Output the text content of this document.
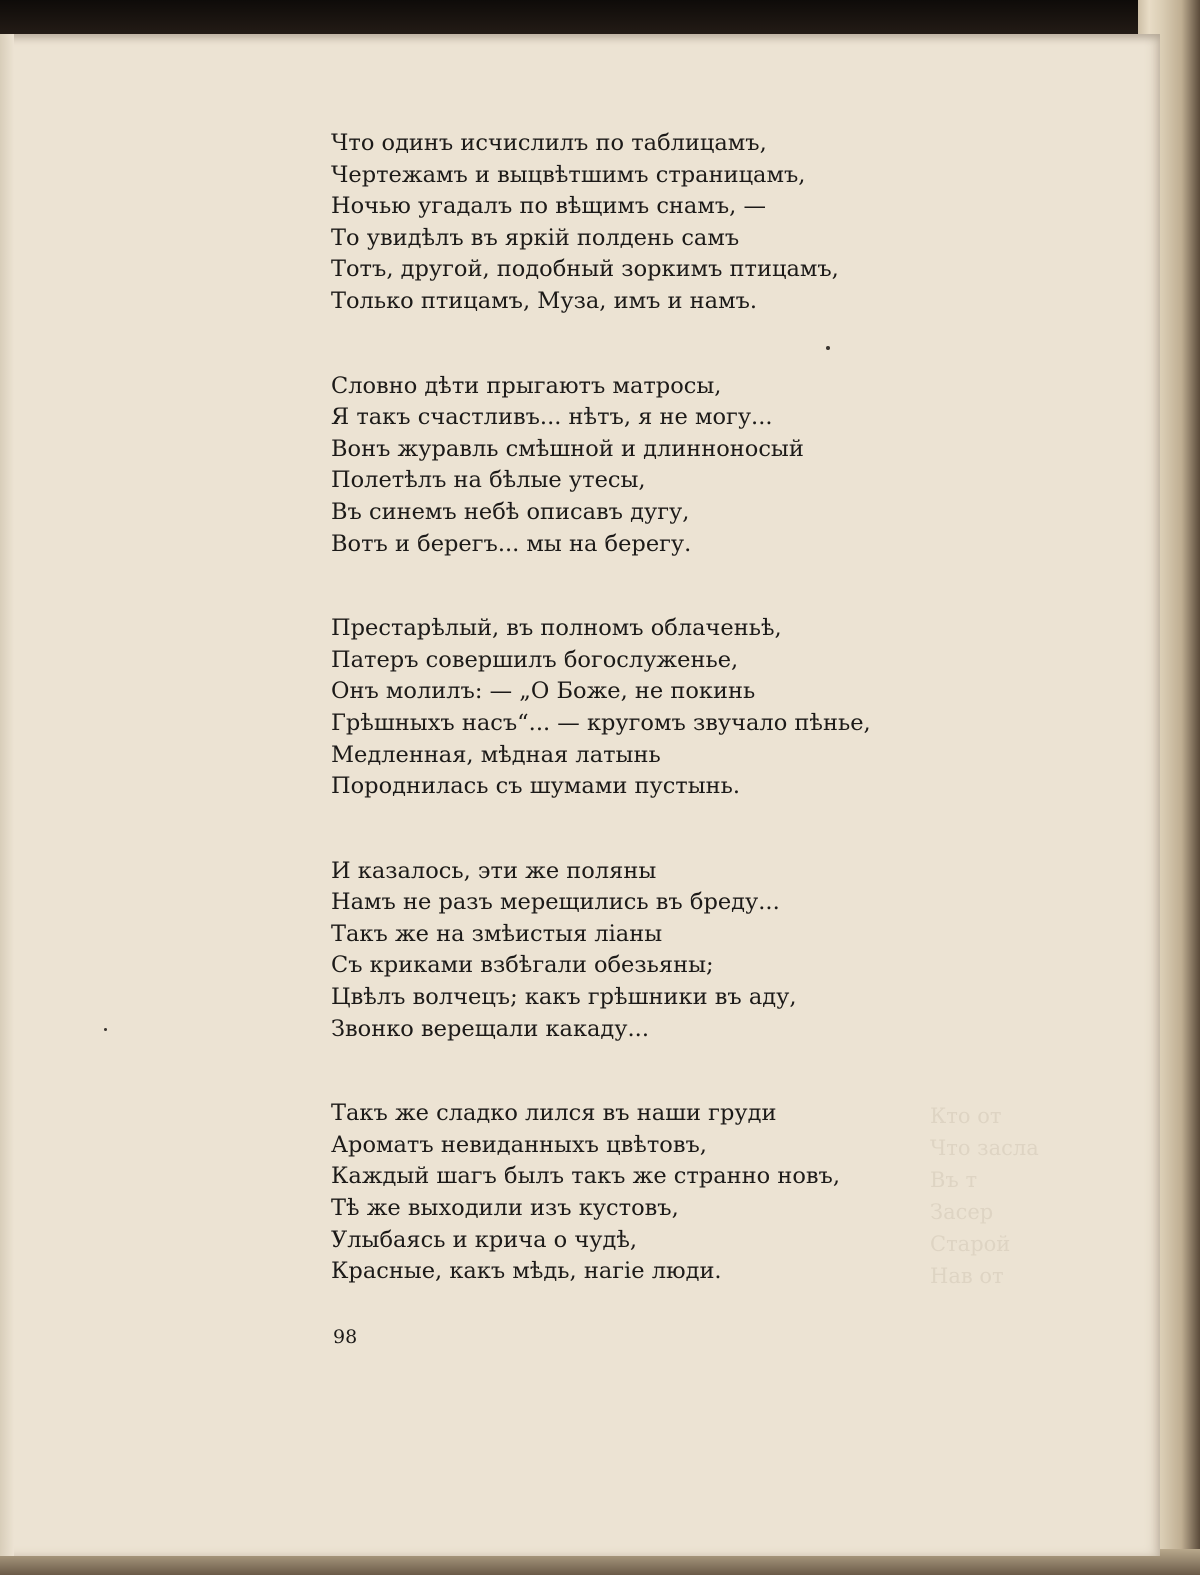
Кто от
Что засла
Въ т
Засер
Старой
Нав от
Что одинъ исчислилъ по таблицамъ,
Чертежамъ и выцвѣтшимъ страницамъ,
Ночью угадалъ по вѣщимъ снамъ, —
То увидѣлъ въ яркій полдень самъ
Тотъ, другой, подобный зоркимъ птицамъ,
Только птицамъ, Муза, имъ и намъ.
Словно дѣти прыгаютъ матросы,
Я такъ счастливъ... нѣтъ, я не могу...
Вонъ журавль смѣшной и длинноносый
Полетѣлъ на бѣлые утесы,
Въ синемъ небѣ описавъ дугу,
Вотъ и берегъ... мы на берегу.
Престарѣлый, въ полномъ облаченьѣ,
Патеръ совершилъ богослуженье,
Онъ молилъ: — „О Боже, не покинь
Грѣшныхъ насъ“... — кругомъ звучало пѣнье,
Медленная, мѣдная латынь
Породнилась съ шумами пустынь.
И казалось, эти же поляны
Намъ не разъ мерещились въ бреду...
Такъ же на змѣистыя ліаны
Съ криками взбѣгали обезьяны;
Цвѣлъ волчецъ; какъ грѣшники въ аду,
Звонко верещали какаду...
Такъ же сладко лился въ наши груди
Ароматъ невиданныхъ цвѣтовъ,
Каждый шагъ былъ такъ же странно новъ,
Тѣ же выходили изъ кустовъ,
Улыбаясь и крича о чудѣ,
Красные, какъ мѣдь, нагіе люди.
98
